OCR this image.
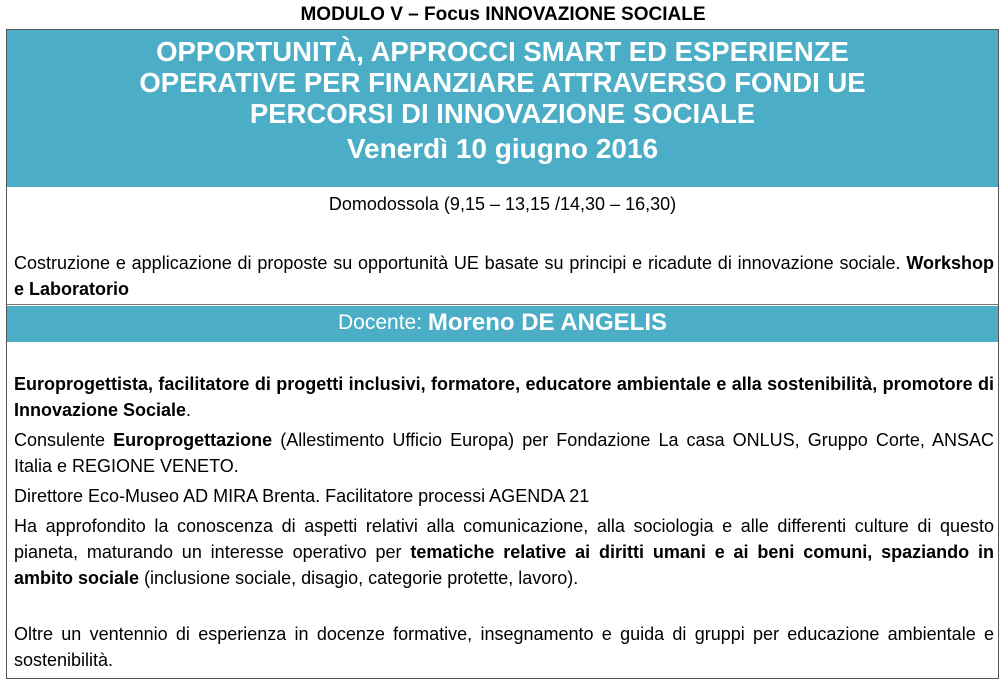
MODULO V – Focus INNOVAZIONE SOCIALE
OPPORTUNITÀ, APPROCCI SMART ED ESPERIENZE
OPERATIVE PER FINANZIARE ATTRAVERSO FONDI UE
PERCORSI DI INNOVAZIONE SOCIALE
Venerdì 10 giugno 2016
Domodossola (9,15 – 13,15 /14,30 – 16,30)
Costruzione e applicazione di proposte su opportunità UE basate su principi e ricadute di innovazione sociale. Workshop e Laboratorio
Docente: Moreno DE ANGELIS
Europrogettista, facilitatore di progetti inclusivi, formatore, educatore ambientale e alla sostenibilità, promotore di Innovazione Sociale.
Consulente Europrogettazione (Allestimento Ufficio Europa) per Fondazione La casa ONLUS, Gruppo Corte, ANSAC Italia e REGIONE VENETO.
Direttore Eco-Museo AD MIRA Brenta. Facilitatore processi AGENDA 21
Ha approfondito la conoscenza di aspetti relativi alla comunicazione, alla sociologia e alle differenti culture di questo pianeta, maturando un interesse operativo per tematiche relative ai diritti umani e ai beni comuni, spaziando in ambito sociale (inclusione sociale, disagio, categorie protette, lavoro).
Oltre un ventennio di esperienza in docenze formative, insegnamento e guida di gruppi per educazione ambientale e sostenibilità.
